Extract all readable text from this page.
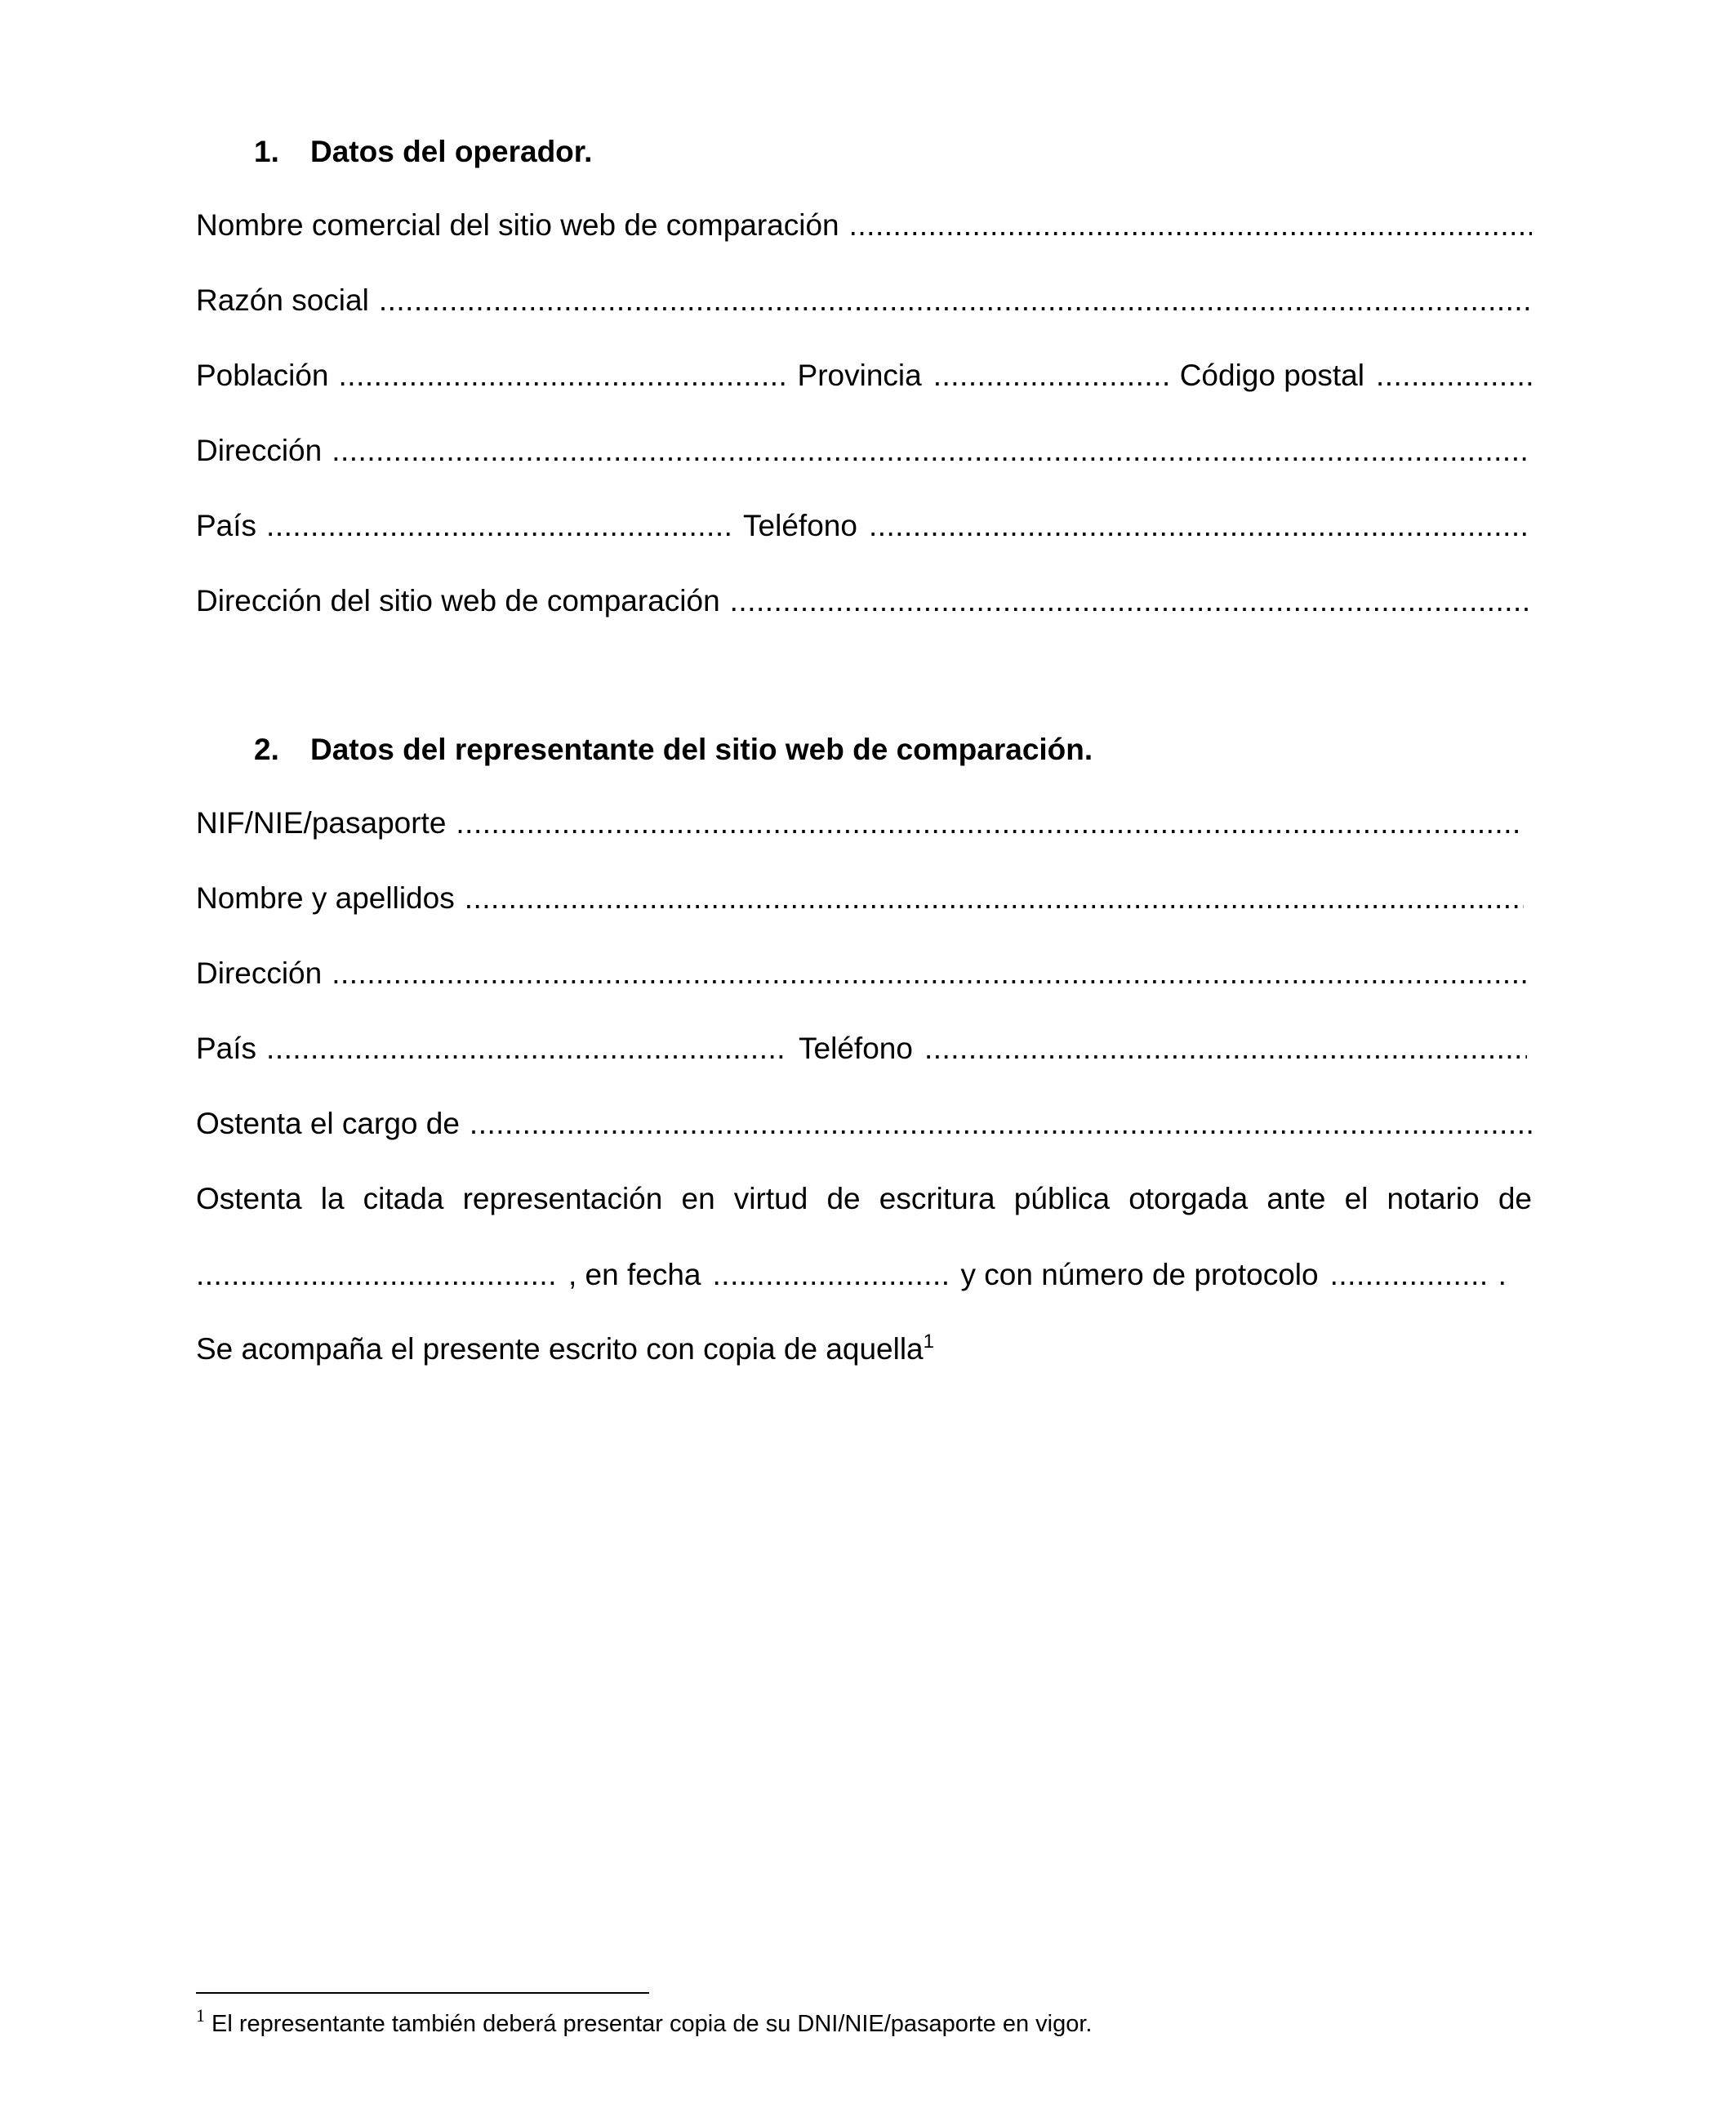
1. Datos del operador.
Nombre comercial del sitio web de comparación
.....
Razón social
.....
Población .....	Provincia .....	Código postal
.....
Dirección
.....
País .....	Teléfono
.....
Dirección del sitio web de comparación
.....
2. Datos del representante del sitio web de comparación.
NIF/NIE/pasaporte
.....
Nombre y apellidos
.....
Dirección
.....
País .....	Teléfono
.....
Ostenta el cargo de
.....
Ostenta la citada representación en virtud de escritura pública otorgada ante el notario de
.....
, en fecha .....	y con número de protocolo .....	.
Se acompaña el presente escrito con copia de aquella$^1$
$^1$ El representante también deberá presentar copia de su DNI/NIE/pasaporte en vigor.
